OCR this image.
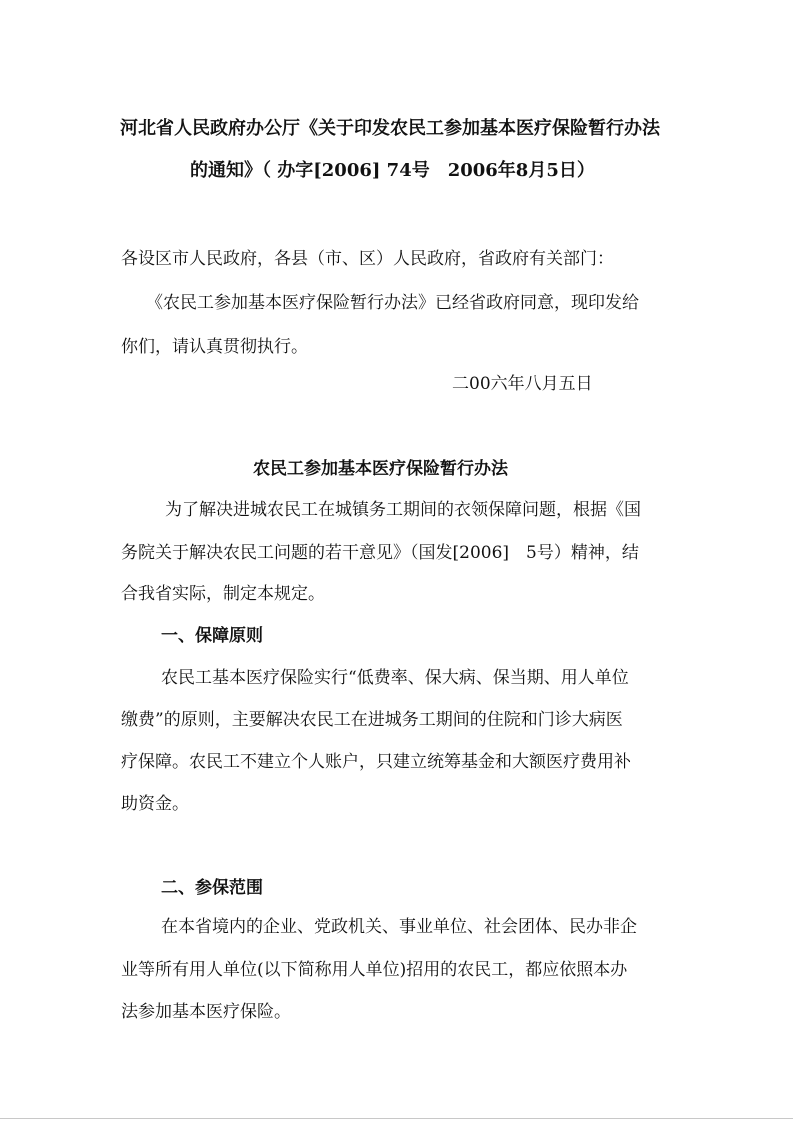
河北省人民政府办公厅《关于印发农民工参加基本医疗保险暂行办法
的通知》（ 办字[2006] 74号　2006年8月5日）
各设区市人民政府，各县（市、区）人民政府，省政府有关部门：
《农民工参加基本医疗保险暂行办法》已经省政府同意，现印发给
你们，请认真贯彻执行。
二00六年八月五日
农民工参加基本医疗保险暂行办法
为了解决进城农民工在城镇务工期间的衣领保障问题，根据《国
务院关于解决农民工问题的若干意见》（国发[2006]　5号）精神，结
合我省实际，制定本规定。
一、保障原则
农民工基本医疗保险实行“低费率、保大病、保当期、用人单位
缴费”的原则，主要解决农民工在进城务工期间的住院和门诊大病医
疗保障。农民工不建立个人账户，只建立统筹基金和大额医疗费用补
助资金。
二、参保范围
在本省境内的企业、党政机关、事业单位、社会团体、民办非企
业等所有用人单位(以下简称用人单位)招用的农民工，都应依照本办
法参加基本医疗保险。
